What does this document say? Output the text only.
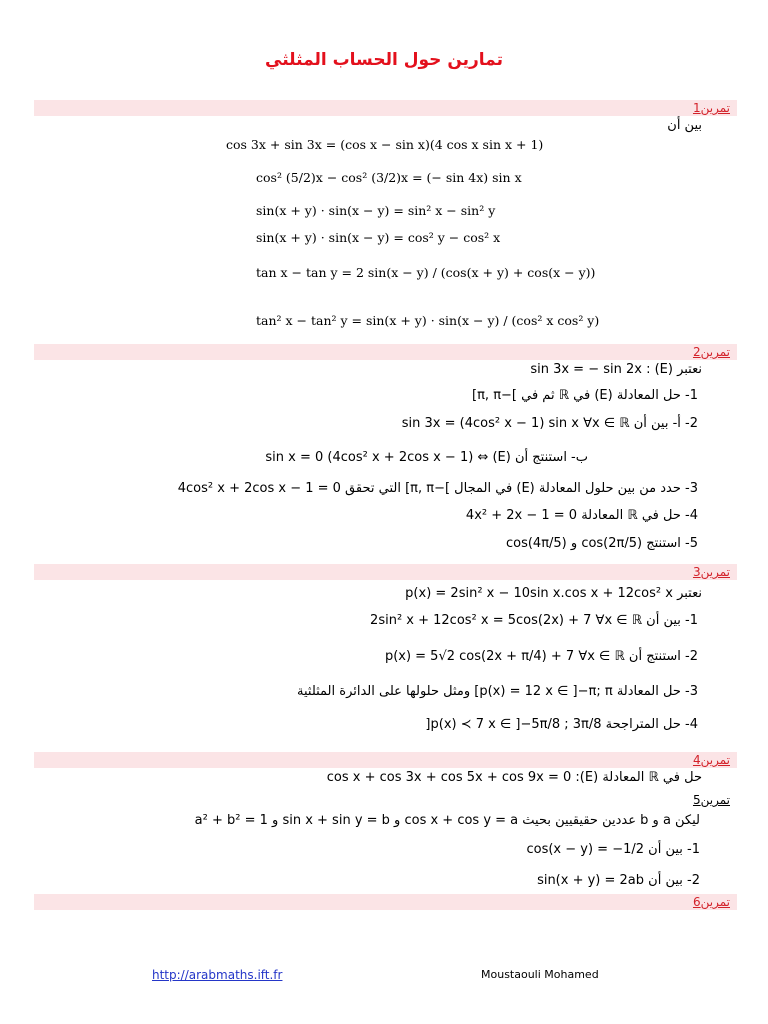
تمارين حول الحساب المثلثي
تمرين1
تمرين2
تمرين3
تمرين4
تمرين5
تمرين6
بين أن
cos 3x + sin 3x = (cos x − sin x)(4 cos x sin x + 1)
cos² (5/2)x − cos² (3/2)x = (− sin 4x) sin x
sin(x + y) · sin(x − y) = sin² x − sin² y
sin(x + y) · sin(x − y) = cos² y − cos² x
tan x − tan y = 2 sin(x − y) / (cos(x + y) + cos(x − y))
tan² x − tan² y = sin(x + y) · sin(x − y) / (cos² x cos² y)
نعتبر (E) : sin 3x = − sin 2x
1- حل المعادلة (E) في ℝ ثم في ]−π, π]
2- أ- بين أن sin 3x = (4cos² x − 1) sin x ∀x ∈ ℝ
ب- استنتج أن (E) ⇔ (4cos² x + 2cos x − 1) sin x = 0
3- حدد من بين حلول المعادلة (E) في المجال ]−π, π] التي تحقق 4cos² x + 2cos x − 1 = 0
4- حل في ℝ المعادلة 4x² + 2x − 1 = 0
5- استنتج cos(2π/5) و cos(4π/5)
نعتبر p(x) = 2sin² x − 10sin x.cos x + 12cos² x
1- بين أن 2sin² x + 12cos² x = 5cos(2x) + 7 ∀x ∈ ℝ
2- استنتج أن p(x) = 5√2 cos(2x + π/4) + 7 ∀x ∈ ℝ
3- حل المعادلة p(x) = 12 x ∈ ]−π; π] ومثل حلولها على الدائرة المثلثية
4- حل المتراجحة p(x) ≺ 7 x ∈ ]−5π/8 ; 3π/8[
حل في ℝ المعادلة (E): cos x + cos 3x + cos 5x + cos 9x = 0
ليكن a و b عددين حقيقيين بحيث cos x + cos y = a و sin x + sin y = b و a² + b² = 1
1- بين أن cos(x − y) = −1/2
2- بين أن sin(x + y) = 2ab
http://arabmaths.ift.fr	Moustaouli Mohamed
